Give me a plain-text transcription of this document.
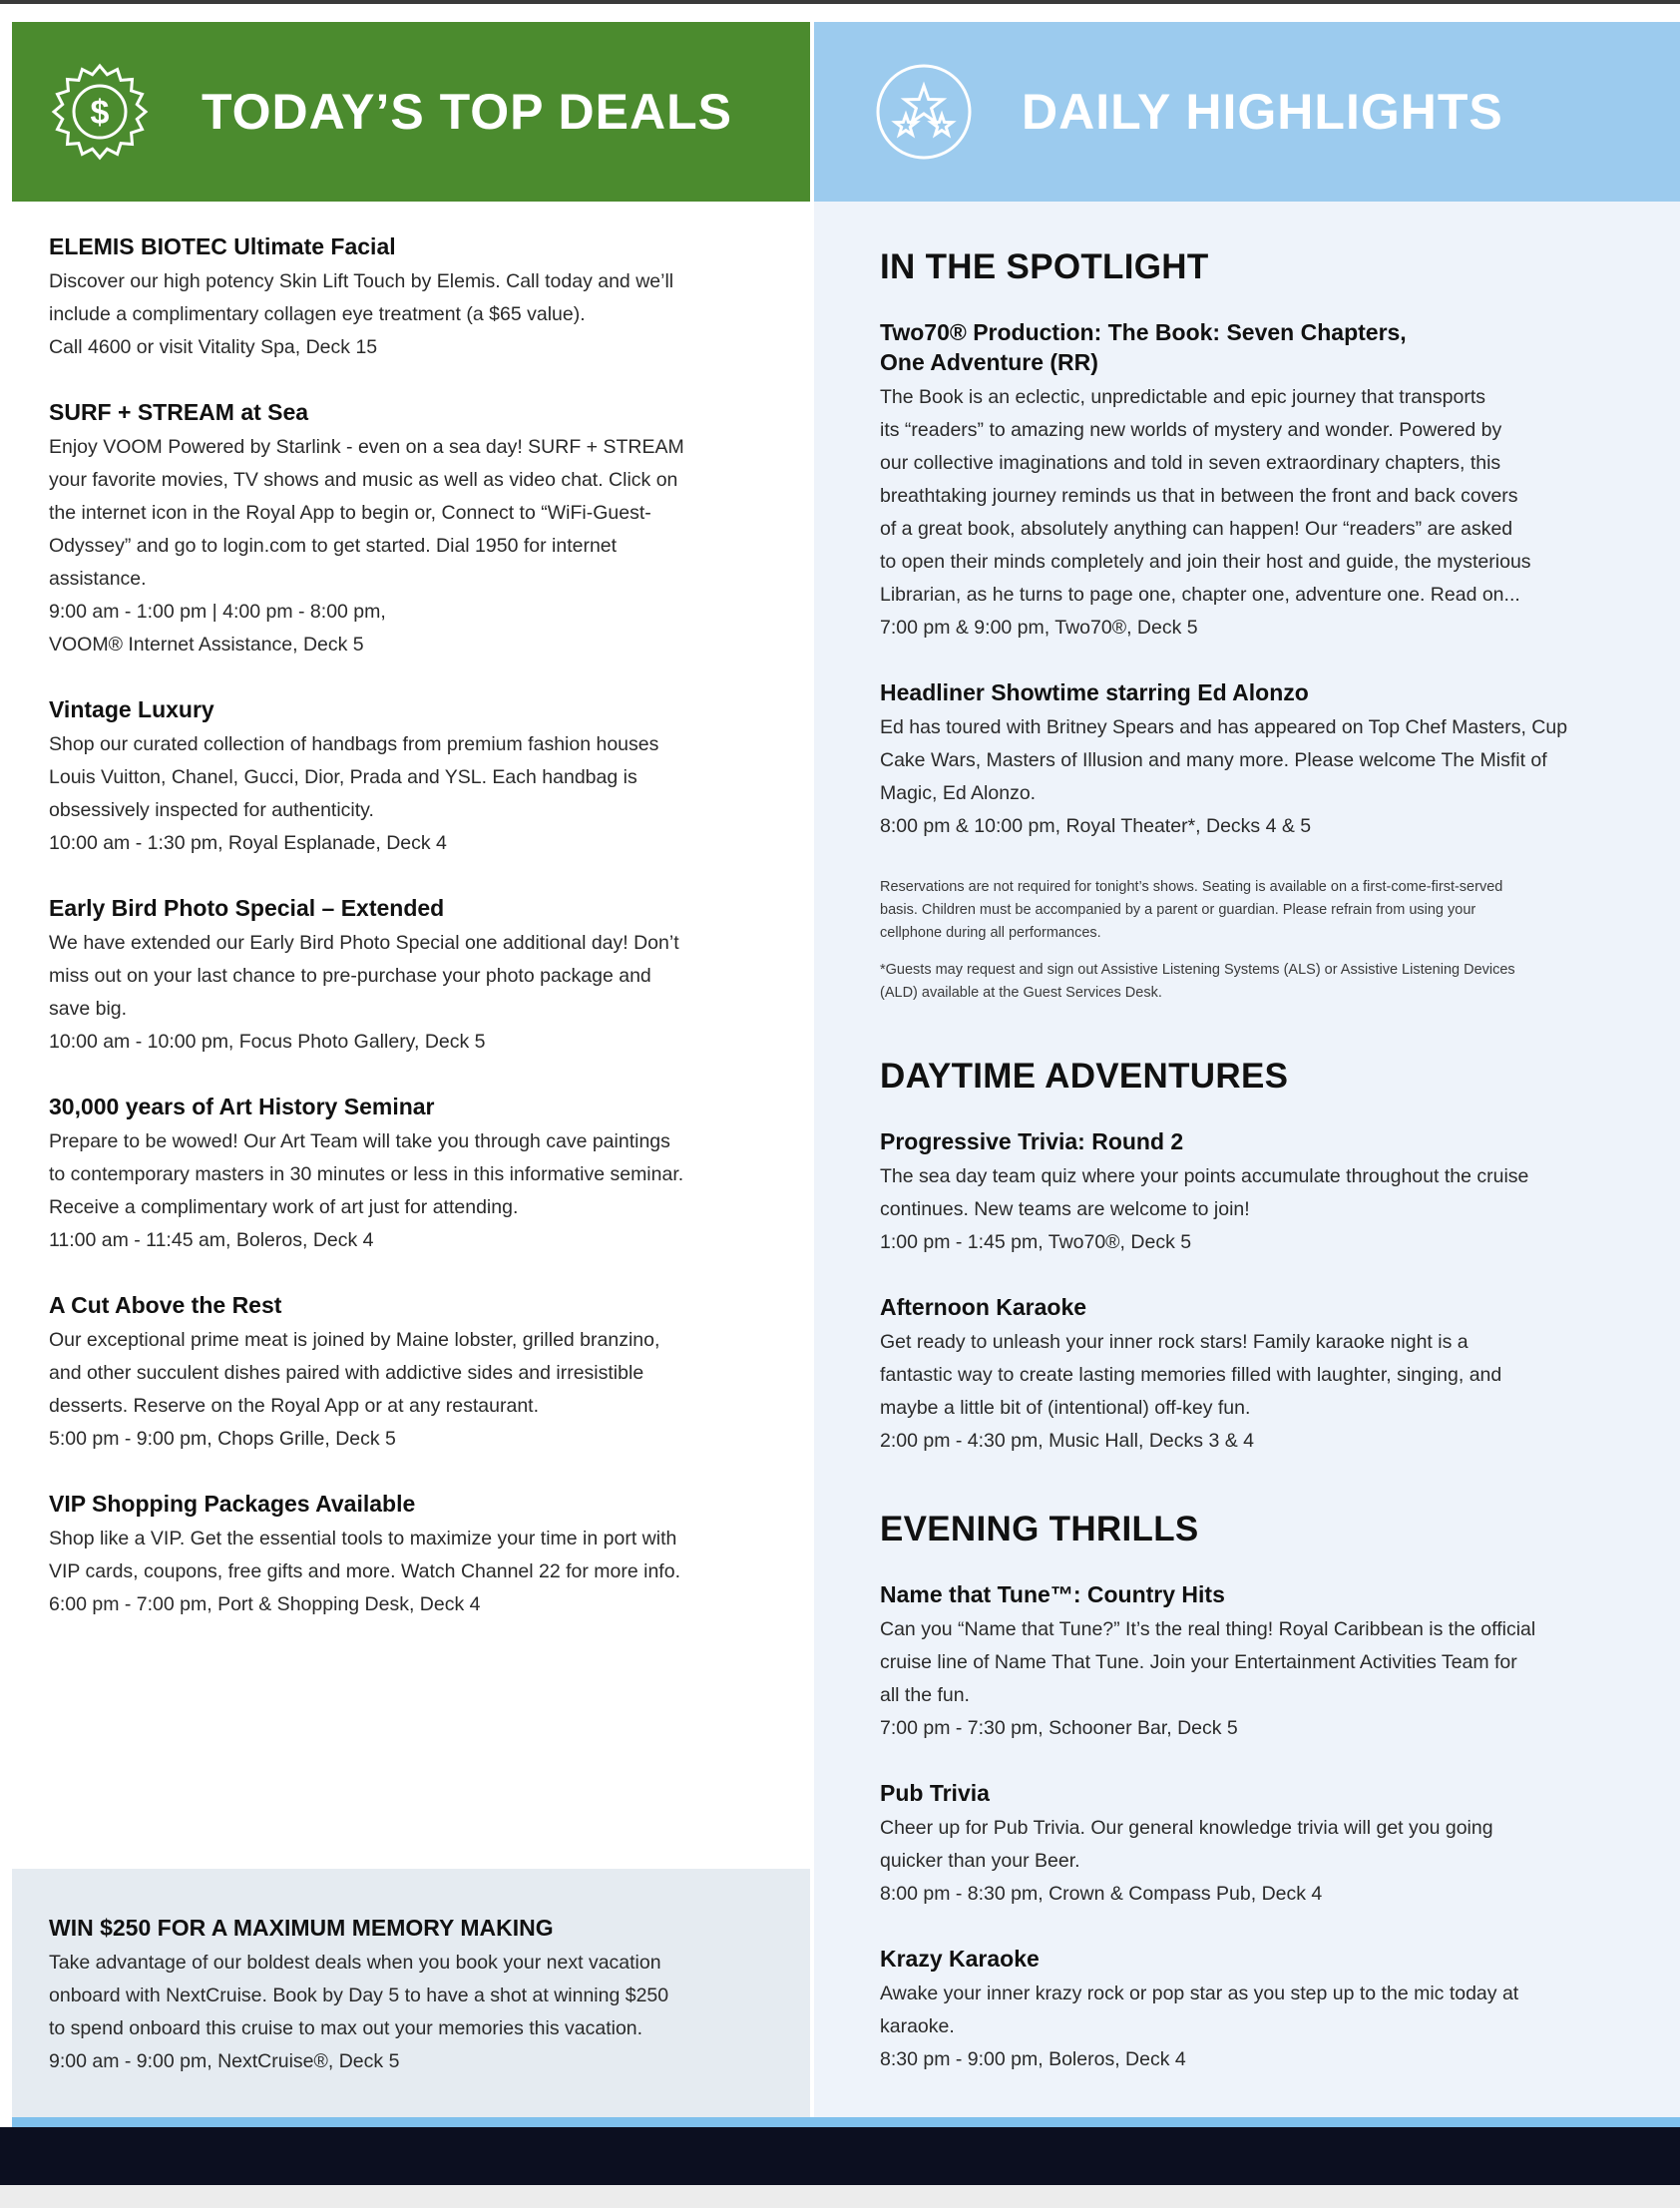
$ TODAY’S TOP DEALS
ELEMIS BIOTEC Ultimate Facial

Discover our high potency Skin Lift Touch by Elemis. Call today and we’ll
include a complimentary collagen eye treatment (a $65 value).
Call 4600 or visit Vitality Spa, Deck 15

SURF + STREAM at Sea

Enjoy VOOM Powered by Starlink - even on a sea day! SURF + STREAM
your favorite movies, TV shows and music as well as video chat. Click on
the internet icon in the Royal App to begin or, Connect to “WiFi-Guest-
Odyssey” and go to login.com to get started. Dial 1950 for internet
assistance.
9:00 am - 1:00 pm | 4:00 pm - 8:00 pm,
VOOM® Internet Assistance, Deck 5

Vintage Luxury

Shop our curated collection of handbags from premium fashion houses
Louis Vuitton, Chanel, Gucci, Dior, Prada and YSL. Each handbag is
obsessively inspected for authenticity.
10:00 am - 1:30 pm, Royal Esplanade, Deck 4

Early Bird Photo Special – Extended

We have extended our Early Bird Photo Special one additional day! Don’t
miss out on your last chance to pre-purchase your photo package and
save big.
10:00 am - 10:00 pm, Focus Photo Gallery, Deck 5

30,000 years of Art History Seminar

Prepare to be wowed! Our Art Team will take you through cave paintings
to contemporary masters in 30 minutes or less in this informative seminar.
Receive a complimentary work of art just for attending.
11:00 am - 11:45 am, Boleros, Deck 4

A Cut Above the Rest

Our exceptional prime meat is joined by Maine lobster, grilled branzino,
and other succulent dishes paired with addictive sides and irresistible
desserts. Reserve on the Royal App or at any restaurant.
5:00 pm - 9:00 pm, Chops Grille, Deck 5

VIP Shopping Packages Available

Shop like a VIP. Get the essential tools to maximize your time in port with
VIP cards, coupons, free gifts and more. Watch Channel 22 for more info.
6:00 pm - 7:00 pm, Port & Shopping Desk, Deck 4

DAILY HIGHLIGHTS
IN THE SPOTLIGHT
Two70® Production: The Book: Seven Chapters,
One Adventure (RR)

The Book is an eclectic, unpredictable and epic journey that transports
its “readers” to amazing new worlds of mystery and wonder. Powered by
our collective imaginations and told in seven extraordinary chapters, this
breathtaking journey reminds us that in between the front and back covers
of a great book, absolutely anything can happen! Our “readers” are asked
to open their minds completely and join their host and guide, the mysterious
Librarian, as he turns to page one, chapter one, adventure one. Read on...
7:00 pm & 9:00 pm, Two70®, Deck 5

Headliner Showtime starring Ed Alonzo

Ed has toured with Britney Spears and has appeared on Top Chef Masters, Cup
Cake Wars, Masters of Illusion and many more. Please welcome The Misfit of
Magic, Ed Alonzo.
8:00 pm & 10:00 pm, Royal Theater*, Decks 4 & 5

Reservations are not required for tonight’s shows. Seating is available on a first-come-first-served
basis. Children must be accompanied by a parent or guardian. Please refrain from using your
cellphone during all performances.

*Guests may request and sign out Assistive Listening Systems (ALS) or Assistive Listening Devices
(ALD) available at the Guest Services Desk.

DAYTIME ADVENTURES
Progressive Trivia: Round 2

The sea day team quiz where your points accumulate throughout the cruise
continues. New teams are welcome to join!
1:00 pm - 1:45 pm, Two70®, Deck 5

Afternoon Karaoke

Get ready to unleash your inner rock stars! Family karaoke night is a
fantastic way to create lasting memories filled with laughter, singing, and
maybe a little bit of (intentional) off-key fun.
2:00 pm - 4:30 pm, Music Hall, Decks 3 & 4

EVENING THRILLS
Name that Tune™: Country Hits

Can you “Name that Tune?” It’s the real thing! Royal Caribbean is the official
cruise line of Name That Tune. Join your Entertainment Activities Team for
all the fun.
7:00 pm - 7:30 pm, Schooner Bar, Deck 5

Pub Trivia

Cheer up for Pub Trivia. Our general knowledge trivia will get you going
quicker than your Beer.
8:00 pm - 8:30 pm, Crown & Compass Pub, Deck 4

Krazy Karaoke

Awake your inner krazy rock or pop star as you step up to the mic today at
karaoke.
8:30 pm - 9:00 pm, Boleros, Deck 4

WIN $250 FOR A MAXIMUM MEMORY MAKING

Take advantage of our boldest deals when you book your next vacation
onboard with NextCruise. Book by Day 5 to have a shot at winning $250
to spend onboard this cruise to max out your memories this vacation.
9:00 am - 9:00 pm, NextCruise®, Deck 5
